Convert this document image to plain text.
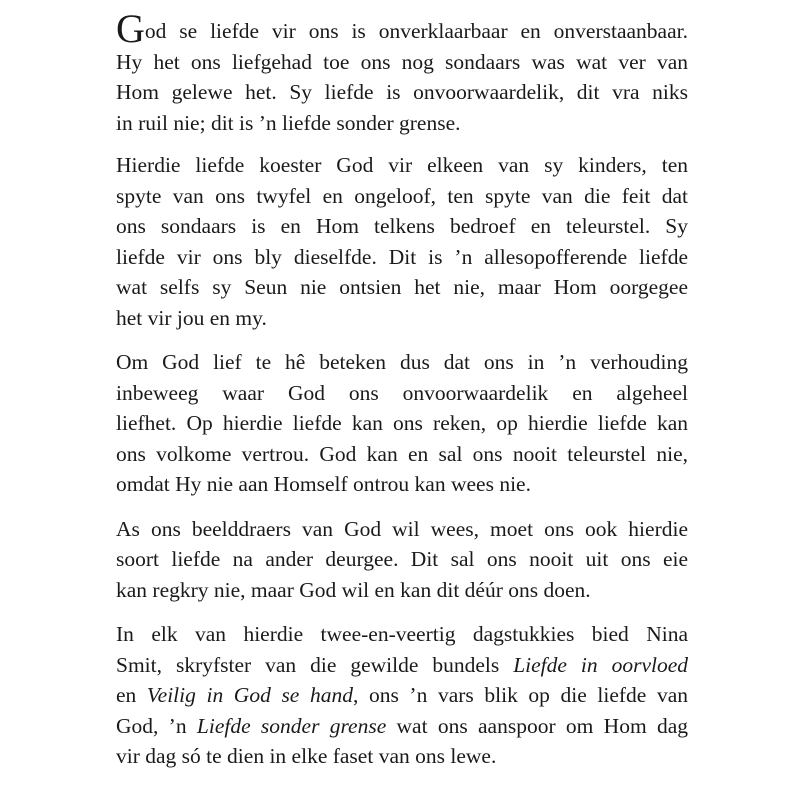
God se liefde vir ons is onverklaarbaar en onverstaanbaar.
Hy het ons liefgehad toe ons nog sondaars was wat ver van
Hom gelewe het. Sy liefde is onvoorwaardelik, dit vra niks
in ruil nie; dit is ’n liefde sonder grense.

Hierdie liefde koester God vir elkeen van sy kinders, ten
spyte van ons twyfel en ongeloof, ten spyte van die feit dat
ons sondaars is en Hom telkens bedroef en teleurstel. Sy
liefde vir ons bly dieselfde. Dit is ’n allesopofferende liefde
wat selfs sy Seun nie ontsien het nie, maar Hom oorgegee
het vir jou en my.

Om God lief te hê beteken dus dat ons in ’n verhouding
inbeweeg waar God ons onvoorwaardelik en algeheel
liefhet. Op hierdie liefde kan ons reken, op hierdie liefde kan
ons volkome vertrou. God kan en sal ons nooit teleurstel nie,
omdat Hy nie aan Homself ontrou kan wees nie.

As ons beelddraers van God wil wees, moet ons ook hierdie
soort liefde na ander deurgee. Dit sal ons nooit uit ons eie
kan regkry nie, maar God wil en kan dit déúr ons doen.

In elk van hierdie twee-en-veertig dagstukkies bied Nina
Smit, skryfster van die gewilde bundels Liefde in oorvloed
en Veilig in God se hand, ons ’n vars blik op die liefde van
God, ’n Liefde sonder grense wat ons aanspoor om Hom dag
vir dag só te dien in elke faset van ons lewe.
